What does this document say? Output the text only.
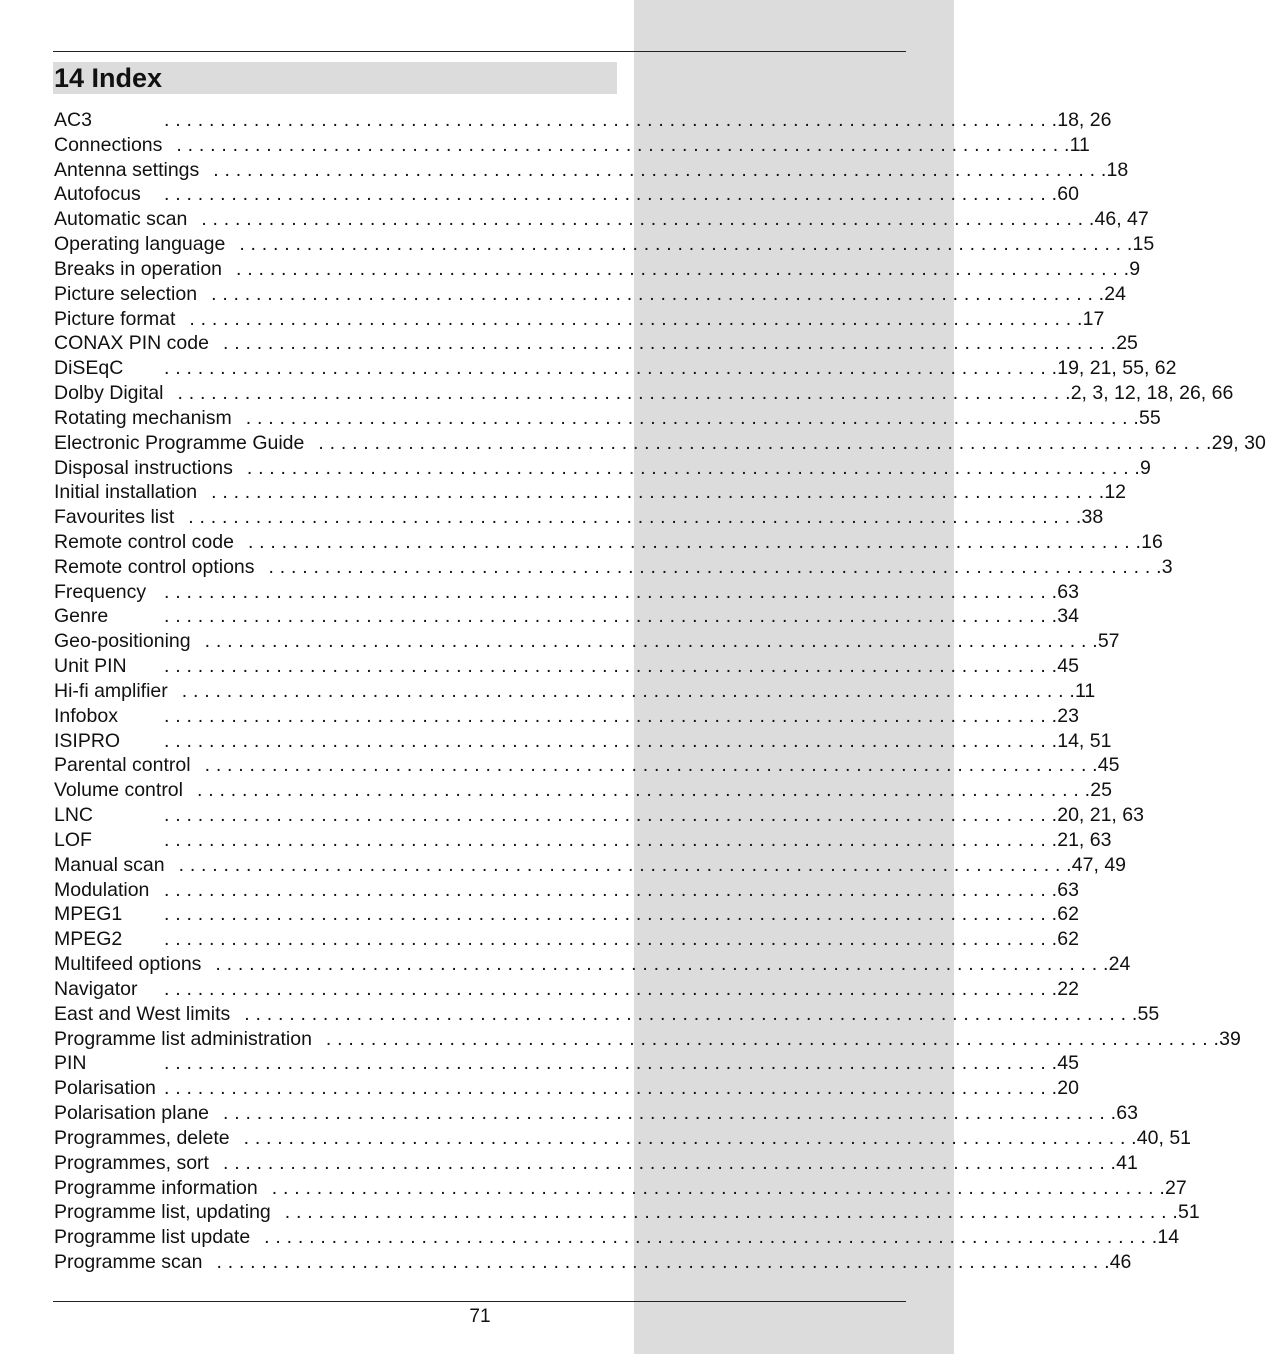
14 Index
AC3	. . . . . . . . . . . . . . . . . . . . . . . . . . . . . . . . . . . . . . . . . . . . . . . . . . . . . . . . . . . . . . . . . . . . . . . . . . . . . . . . 18, 26
Connections . . . . . . . . . . . . . . . . . . . . . . . . . . . . . . . . . . . . . . . . . . . . . . . . . . . . . . . . . . . . . . . . . . . . . . . . . . . . . . . . 11
Antenna settings . . . . . . . . . . . . . . . . . . . . . . . . . . . . . . . . . . . . . . . . . . . . . . . . . . . . . . . . . . . . . . . . . . . . . . . . . . . . . . . . 18
Autofocus . . . . . . . . . . . . . . . . . . . . . . . . . . . . . . . . . . . . . . . . . . . . . . . . . . . . . . . . . . . . . . . . . . . . . . . . . . . . . . . . 60
Automatic scan . . . . . . . . . . . . . . . . . . . . . . . . . . . . . . . . . . . . . . . . . . . . . . . . . . . . . . . . . . . . . . . . . . . . . . . . . . . . . . . . 46, 47
Operating language . . . . . . . . . . . . . . . . . . . . . . . . . . . . . . . . . . . . . . . . . . . . . . . . . . . . . . . . . . . . . . . . . . . . . . . . . . . . . . . . 15
Breaks in operation . . . . . . . . . . . . . . . . . . . . . . . . . . . . . . . . . . . . . . . . . . . . . . . . . . . . . . . . . . . . . . . . . . . . . . . . . . . . . . . . 9
Picture selection . . . . . . . . . . . . . . . . . . . . . . . . . . . . . . . . . . . . . . . . . . . . . . . . . . . . . . . . . . . . . . . . . . . . . . . . . . . . . . . . 24
Picture format . . . . . . . . . . . . . . . . . . . . . . . . . . . . . . . . . . . . . . . . . . . . . . . . . . . . . . . . . . . . . . . . . . . . . . . . . . . . . . . . 17
CONAX PIN code . . . . . . . . . . . . . . . . . . . . . . . . . . . . . . . . . . . . . . . . . . . . . . . . . . . . . . . . . . . . . . . . . . . . . . . . . . . . . . . . 25
DiSEqC . . . . . . . . . . . . . . . . . . . . . . . . . . . . . . . . . . . . . . . . . . . . . . . . . . . . . . . . . . . . . . . . . . . . . . . . . . . . . . . . 19, 21, 55, 62
Dolby Digital . . . . . . . . . . . . . . . . . . . . . . . . . . . . . . . . . . . . . . . . . . . . . . . . . . . . . . . . . . . . . . . . . . . . . . . . . . . . . . . . 2, 3, 12, 18, 26, 66
Rotating mechanism . . . . . . . . . . . . . . . . . . . . . . . . . . . . . . . . . . . . . . . . . . . . . . . . . . . . . . . . . . . . . . . . . . . . . . . . . . . . . . . . 55
Electronic Programme Guide . . . . . . . . . . . . . . . . . . . . . . . . . . . . . . . . . . . . . . . . . . . . . . . . . . . . . . . . . . . . . . . . . . . . . . . . . . . . . . . . 29, 30
Disposal instructions . . . . . . . . . . . . . . . . . . . . . . . . . . . . . . . . . . . . . . . . . . . . . . . . . . . . . . . . . . . . . . . . . . . . . . . . . . . . . . . . 9
Initial installation . . . . . . . . . . . . . . . . . . . . . . . . . . . . . . . . . . . . . . . . . . . . . . . . . . . . . . . . . . . . . . . . . . . . . . . . . . . . . . . . 12
Favourites list . . . . . . . . . . . . . . . . . . . . . . . . . . . . . . . . . . . . . . . . . . . . . . . . . . . . . . . . . . . . . . . . . . . . . . . . . . . . . . . . 38
Remote control code . . . . . . . . . . . . . . . . . . . . . . . . . . . . . . . . . . . . . . . . . . . . . . . . . . . . . . . . . . . . . . . . . . . . . . . . . . . . . . . . 16
Remote control options . . . . . . . . . . . . . . . . . . . . . . . . . . . . . . . . . . . . . . . . . . . . . . . . . . . . . . . . . . . . . . . . . . . . . . . . . . . . . . . . 3
Frequency . . . . . . . . . . . . . . . . . . . . . . . . . . . . . . . . . . . . . . . . . . . . . . . . . . . . . . . . . . . . . . . . . . . . . . . . . . . . . . . . 63
Genre	. . . . . . . . . . . . . . . . . . . . . . . . . . . . . . . . . . . . . . . . . . . . . . . . . . . . . . . . . . . . . . . . . . . . . . . . . . . . . . . . 34
Geo-positioning . . . . . . . . . . . . . . . . . . . . . . . . . . . . . . . . . . . . . . . . . . . . . . . . . . . . . . . . . . . . . . . . . . . . . . . . . . . . . . . . 57
Unit PIN . . . . . . . . . . . . . . . . . . . . . . . . . . . . . . . . . . . . . . . . . . . . . . . . . . . . . . . . . . . . . . . . . . . . . . . . . . . . . . . . 45
Hi-fi amplifier . . . . . . . . . . . . . . . . . . . . . . . . . . . . . . . . . . . . . . . . . . . . . . . . . . . . . . . . . . . . . . . . . . . . . . . . . . . . . . . . 11
Infobox . . . . . . . . . . . . . . . . . . . . . . . . . . . . . . . . . . . . . . . . . . . . . . . . . . . . . . . . . . . . . . . . . . . . . . . . . . . . . . . . 23
ISIPRO . . . . . . . . . . . . . . . . . . . . . . . . . . . . . . . . . . . . . . . . . . . . . . . . . . . . . . . . . . . . . . . . . . . . . . . . . . . . . . . . 14, 51
Parental control . . . . . . . . . . . . . . . . . . . . . . . . . . . . . . . . . . . . . . . . . . . . . . . . . . . . . . . . . . . . . . . . . . . . . . . . . . . . . . . . 45
Volume control . . . . . . . . . . . . . . . . . . . . . . . . . . . . . . . . . . . . . . . . . . . . . . . . . . . . . . . . . . . . . . . . . . . . . . . . . . . . . . . . 25
LNC	. . . . . . . . . . . . . . . . . . . . . . . . . . . . . . . . . . . . . . . . . . . . . . . . . . . . . . . . . . . . . . . . . . . . . . . . . . . . . . . . 20, 21, 63
LOF	. . . . . . . . . . . . . . . . . . . . . . . . . . . . . . . . . . . . . . . . . . . . . . . . . . . . . . . . . . . . . . . . . . . . . . . . . . . . . . . . 21, 63
Manual scan . . . . . . . . . . . . . . . . . . . . . . . . . . . . . . . . . . . . . . . . . . . . . . . . . . . . . . . . . . . . . . . . . . . . . . . . . . . . . . . . 47, 49
Modulation . . . . . . . . . . . . . . . . . . . . . . . . . . . . . . . . . . . . . . . . . . . . . . . . . . . . . . . . . . . . . . . . . . . . . . . . . . . . . . . . 63
MPEG1 . . . . . . . . . . . . . . . . . . . . . . . . . . . . . . . . . . . . . . . . . . . . . . . . . . . . . . . . . . . . . . . . . . . . . . . . . . . . . . . . 62
MPEG2 . . . . . . . . . . . . . . . . . . . . . . . . . . . . . . . . . . . . . . . . . . . . . . . . . . . . . . . . . . . . . . . . . . . . . . . . . . . . . . . . 62
Multifeed options . . . . . . . . . . . . . . . . . . . . . . . . . . . . . . . . . . . . . . . . . . . . . . . . . . . . . . . . . . . . . . . . . . . . . . . . . . . . . . . . 24
Navigator . . . . . . . . . . . . . . . . . . . . . . . . . . . . . . . . . . . . . . . . . . . . . . . . . . . . . . . . . . . . . . . . . . . . . . . . . . . . . . . . 22
East and West limits . . . . . . . . . . . . . . . . . . . . . . . . . . . . . . . . . . . . . . . . . . . . . . . . . . . . . . . . . . . . . . . . . . . . . . . . . . . . . . . . 55
Programme list administration . . . . . . . . . . . . . . . . . . . . . . . . . . . . . . . . . . . . . . . . . . . . . . . . . . . . . . . . . . . . . . . . . . . . . . . . . . . . . . . . 39
PIN	. . . . . . . . . . . . . . . . . . . . . . . . . . . . . . . . . . . . . . . . . . . . . . . . . . . . . . . . . . . . . . . . . . . . . . . . . . . . . . . . 45
Polarisation . . . . . . . . . . . . . . . . . . . . . . . . . . . . . . . . . . . . . . . . . . . . . . . . . . . . . . . . . . . . . . . . . . . . . . . . . . . . . . . . 20
Polarisation plane . . . . . . . . . . . . . . . . . . . . . . . . . . . . . . . . . . . . . . . . . . . . . . . . . . . . . . . . . . . . . . . . . . . . . . . . . . . . . . . . 63
Programmes, delete . . . . . . . . . . . . . . . . . . . . . . . . . . . . . . . . . . . . . . . . . . . . . . . . . . . . . . . . . . . . . . . . . . . . . . . . . . . . . . . . 40, 51
Programmes, sort . . . . . . . . . . . . . . . . . . . . . . . . . . . . . . . . . . . . . . . . . . . . . . . . . . . . . . . . . . . . . . . . . . . . . . . . . . . . . . . . 41
Programme information . . . . . . . . . . . . . . . . . . . . . . . . . . . . . . . . . . . . . . . . . . . . . . . . . . . . . . . . . . . . . . . . . . . . . . . . . . . . . . . . 27
Programme list, updating . . . . . . . . . . . . . . . . . . . . . . . . . . . . . . . . . . . . . . . . . . . . . . . . . . . . . . . . . . . . . . . . . . . . . . . . . . . . . . . . 51
Programme list update . . . . . . . . . . . . . . . . . . . . . . . . . . . . . . . . . . . . . . . . . . . . . . . . . . . . . . . . . . . . . . . . . . . . . . . . . . . . . . . . 14
Programme scan . . . . . . . . . . . . . . . . . . . . . . . . . . . . . . . . . . . . . . . . . . . . . . . . . . . . . . . . . . . . . . . . . . . . . . . . . . . . . . . . 46
71
